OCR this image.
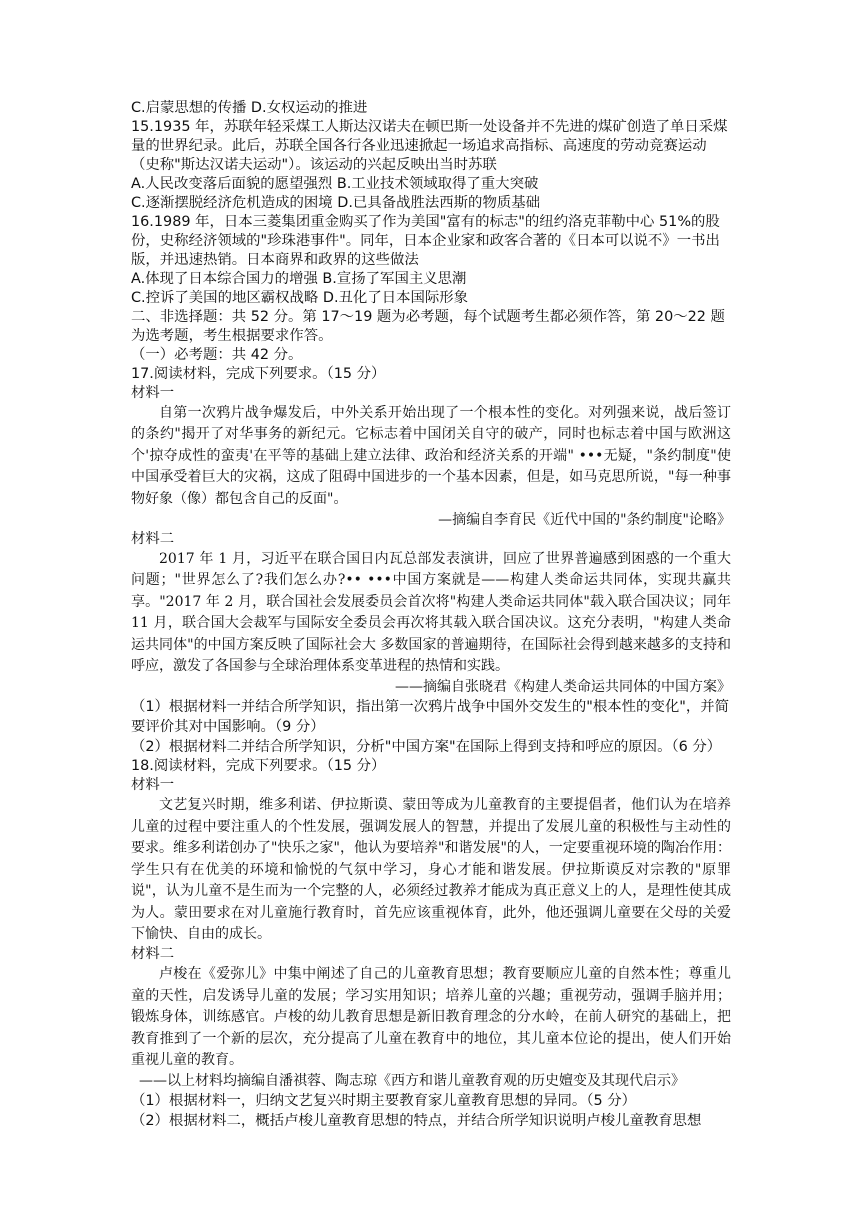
C.启蒙思想的传播 D.女权运动的推进

15.1935 年，苏联年轻采煤工人斯达汉诺夫在顿巴斯一处设备并不先进的煤矿创造了单日采煤量的世界纪录。此后，苏联全国各行各业迅速掀起一场追求高指标、高速度的劳动竞赛运动（史称"斯达汉诺夫运动"）。该运动的兴起反映出当时苏联

A.人民改变落后面貌的愿望强烈 B.工业技术领域取得了重大突破

C.逐渐摆脱经济危机造成的困境 D.已具备战胜法西斯的物质基础

16.1989 年，日本三菱集团重金购买了作为美国"富有的标志"的纽约洛克菲勒中心 51%的股份，史称经济领域的"珍珠港事件"。同年，日本企业家和政客合著的《日本可以说不》一书出版，并迅速热销。日本商界和政界的这些做法

A.体现了日本综合国力的增强 B.宣扬了军国主义思潮

C.控诉了美国的地区霸权战略 D.丑化了日本国际形象

二、非选择题：共 52 分。第 17～19 题为必考题，每个试题考生都必须作答，第 20～22 题为选考题，考生根据要求作答。

（一）必考题：共 42 分。

17.阅读材料，完成下列要求。（15 分）

材料一

自第一次鸦片战争爆发后，中外关系开始出现了一个根本性的变化。对列强来说，战后签订的条约"揭开了对华事务的新纪元。它标志着中国闭关自守的破产，同时也标志着中国与欧洲这个'掠夺成性的蛮夷'在平等的基础上建立法律、政治和经济关系的开端" •••无疑，"条约制度"使中国承受着巨大的灾祸，这成了阻碍中国进步的一个基本因素，但是，如马克思所说，"每一种事物好象（像）都包含自己的反面"。

—摘编自李育民《近代中国的"条约制度"论略》

材料二

2017 年 1 月，习近平在联合国日内瓦总部发表演讲，回应了世界普遍感到困惑的一个重大问题；"世界怎么了?我们怎么办?•• •••中国方案就是——构建人类命运共同体，实现共赢共享。"2017 年 2 月，联合国社会发展委员会首次将"构建人类命运共同体"载入联合国决议；同年 11 月，联合国大会裁军与国际安全委员会再次将其载入联合国决议。这充分表明，"构建人类命运共同体"的中国方案反映了国际社会大 多数国家的普遍期待，在国际社会得到越来越多的支持和呼应，激发了各国参与全球治理体系变革进程的热情和实践。

——摘编自张晓君《构建人类命运共同体的中国方案》

（1）根据材料一并结合所学知识，指出第一次鸦片战争中国外交发生的"根本性的变化"，并简要评价其对中国影响。（9 分）

（2）根据材料二并结合所学知识，分析"中国方案"在国际上得到支持和呼应的原因。（6 分）

18.阅读材料，完成下列要求。（15 分）

材料一

文艺复兴时期，维多利诺、伊拉斯谟、蒙田等成为儿童教育的主要提倡者，他们认为在培养儿童的过程中要注重人的个性发展，强调发展人的智慧，并提出了发展儿童的积极性与主动性的要求。维多利诺创办了"快乐之家"，他认为要培养"和谐发展"的人，一定要重视环境的陶冶作用：学生只有在优美的环境和愉悦的气氛中学习，身心才能和谐发展。伊拉斯谟反对宗教的"原罪说"，认为儿童不是生而为一个完整的人，必须经过教养才能成为真正意义上的人，是理性使其成为人。蒙田要求在对儿童施行教育时，首先应该重视体育，此外，他还强调儿童要在父母的关爱下愉快、自由的成长。

材料二

卢梭在《爱弥儿》中集中阐述了自己的儿童教育思想；教育要顺应儿童的自然本性；尊重儿童的天性，启发诱导儿童的发展；学习实用知识；培养儿童的兴趣；重视劳动，强调手脑并用；锻炼身体，训练感官。卢梭的幼儿教育思想是新旧教育理念的分水岭，在前人研究的基础上，把教育推到了一个新的层次，充分提高了儿童在教育中的地位，其儿童本位论的提出，使人们开始重视儿童的教育。

——以上材料均摘编自潘祺蓉、陶志琼《西方和谐儿童教育观的历史嬗变及其现代启示》

（1）根据材料一，归纳文艺复兴时期主要教育家儿童教育思想的异同。（5 分）

（2）根据材料二，概括卢梭儿童教育思想的特点，并结合所学知识说明卢梭儿童教育思想
